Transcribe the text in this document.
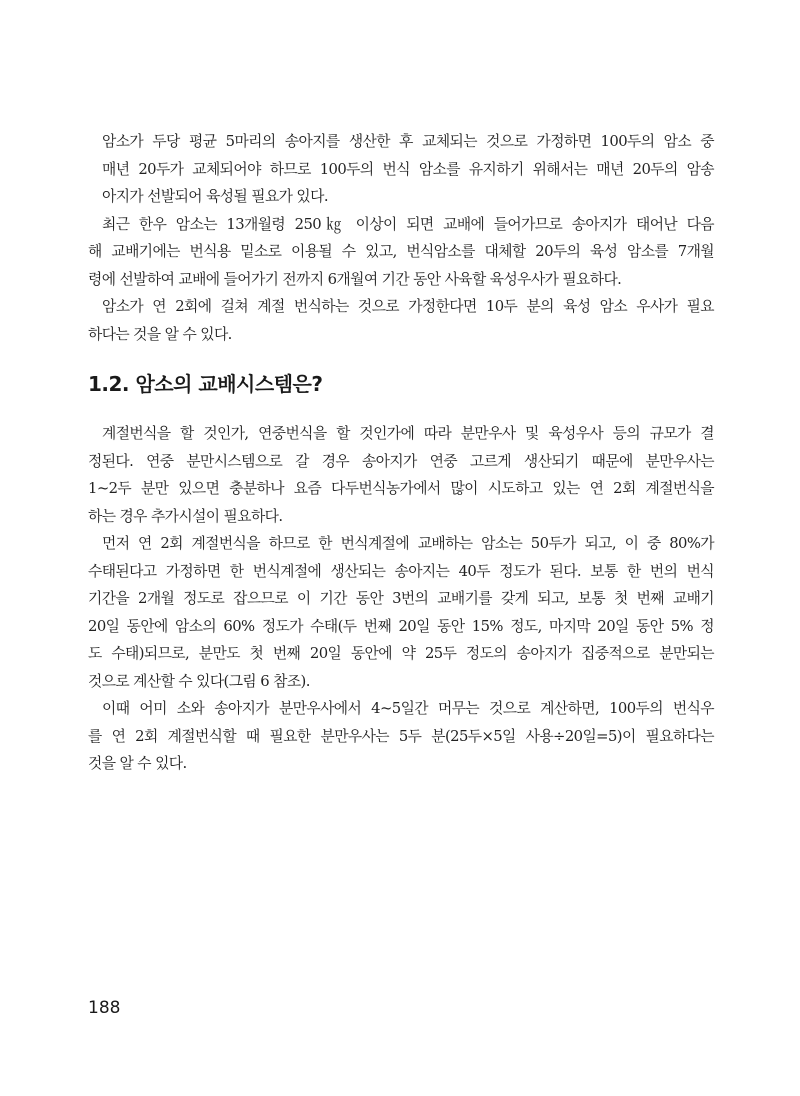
암소가 두당 평균 5마리의 송아지를 생산한 후 교체되는 것으로 가정하면 100두의 암소 중
매년 20두가 교체되어야 하므로 100두의 번식 암소를 유지하기 위해서는 매년 20두의 암송
아지가 선발되어 육성될 필요가 있다.

최근 한우 암소는 13개월령 250㎏ 이상이 되면 교배에 들어가므로 송아지가 태어난 다음
해 교배기에는 번식용 밑소로 이용될 수 있고, 번식암소를 대체할 20두의 육성 암소를 7개월
령에 선발하여 교배에 들어가기 전까지 6개월여 기간 동안 사육할 육성우사가 필요하다.

암소가 연 2회에 걸쳐 계절 번식하는 것으로 가정한다면 10두 분의 육성 암소 우사가 필요
하다는 것을 알 수 있다.

1.2. 암소의 교배시스템은?

계절번식을 할 것인가, 연중번식을 할 것인가에 따라 분만우사 및 육성우사 등의 규모가 결
정된다. 연중 분만시스템으로 갈 경우 송아지가 연중 고르게 생산되기 때문에 분만우사는
1~2두 분만 있으면 충분하나 요즘 다두번식농가에서 많이 시도하고 있는 연 2회 계절번식을
하는 경우 추가시설이 필요하다.

먼저 연 2회 계절번식을 하므로 한 번식계절에 교배하는 암소는 50두가 되고, 이 중 80%가
수태된다고 가정하면 한 번식계절에 생산되는 송아지는 40두 정도가 된다. 보통 한 번의 번식
기간을 2개월 정도로 잡으므로 이 기간 동안 3번의 교배기를 갖게 되고, 보통 첫 번째 교배기
20일 동안에 암소의 60% 정도가 수태(두 번째 20일 동안 15% 정도, 마지막 20일 동안 5% 정
도 수태)되므로, 분만도 첫 번째 20일 동안에 약 25두 정도의 송아지가 집중적으로 분만되는
것으로 계산할 수 있다(그림 6 참조).

이때 어미 소와 송아지가 분만우사에서 4~5일간 머무는 것으로 계산하면, 100두의 번식우
를 연 2회 계절번식할 때 필요한 분만우사는 5두 분(25두×5일 사용÷20일=5)이 필요하다는
것을 알 수 있다.

188
